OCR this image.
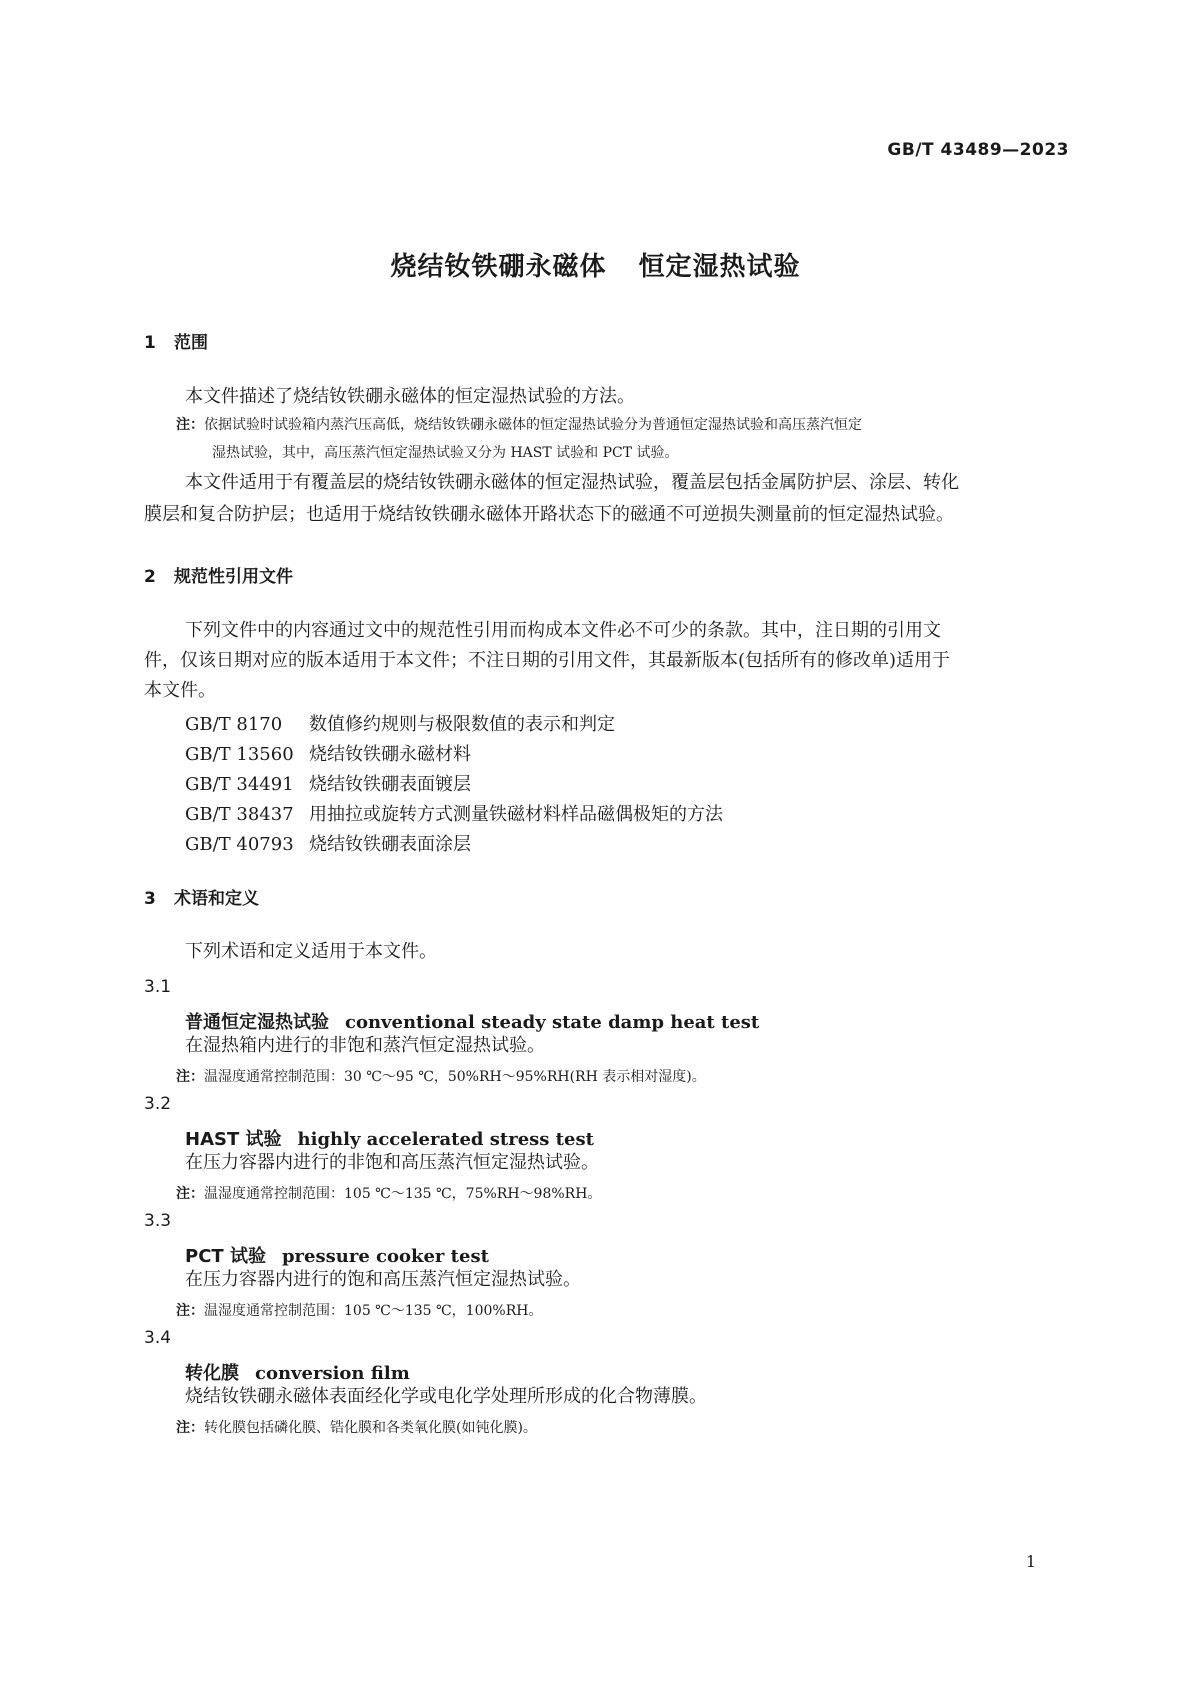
GB/T 43489—2023
烧结钕铁硼永磁体 恒定湿热试验
1 范围
本文件描述了烧结钕铁硼永磁体的恒定湿热试验的方法。
注：依据试验时试验箱内蒸汽压高低，烧结钕铁硼永磁体的恒定湿热试验分为普通恒定湿热试验和高压蒸汽恒定
湿热试验，其中，高压蒸汽恒定湿热试验又分为 HAST 试验和 PCT 试验。
本文件适用于有覆盖层的烧结钕铁硼永磁体的恒定湿热试验，覆盖层包括金属防护层、涂层、转化
膜层和复合防护层；也适用于烧结钕铁硼永磁体开路状态下的磁通不可逆损失测量前的恒定湿热试验。
2 规范性引用文件
下列文件中的内容通过文中的规范性引用而构成本文件必不可少的条款。其中，注日期的引用文
件，仅该日期对应的版本适用于本文件；不注日期的引用文件，其最新版本(包括所有的修改单)适用于
本文件。
GB/T 8170 数值修约规则与极限数值的表示和判定
GB/T 13560 烧结钕铁硼永磁材料
GB/T 34491 烧结钕铁硼表面镀层
GB/T 38437 用抽拉或旋转方式测量铁磁材料样品磁偶极矩的方法
GB/T 40793 烧结钕铁硼表面涂层
3 术语和定义
下列术语和定义适用于本文件。
3.1
普通恒定湿热试验 conventional steady state damp heat test
在湿热箱内进行的非饱和蒸汽恒定湿热试验。
注：温湿度通常控制范围：30 ℃～95 ℃，50%RH～95%RH(RH 表示相对湿度)。
3.2
HAST 试验 highly accelerated stress test
在压力容器内进行的非饱和高压蒸汽恒定湿热试验。
注：温湿度通常控制范围：105 ℃～135 ℃，75%RH～98%RH。
3.3
PCT 试验 pressure cooker test
在压力容器内进行的饱和高压蒸汽恒定湿热试验。
注：温湿度通常控制范围：105 ℃～135 ℃，100%RH。
3.4
转化膜 conversion film
烧结钕铁硼永磁体表面经化学或电化学处理所形成的化合物薄膜。
注：转化膜包括磷化膜、锆化膜和各类氧化膜(如钝化膜)。
1
